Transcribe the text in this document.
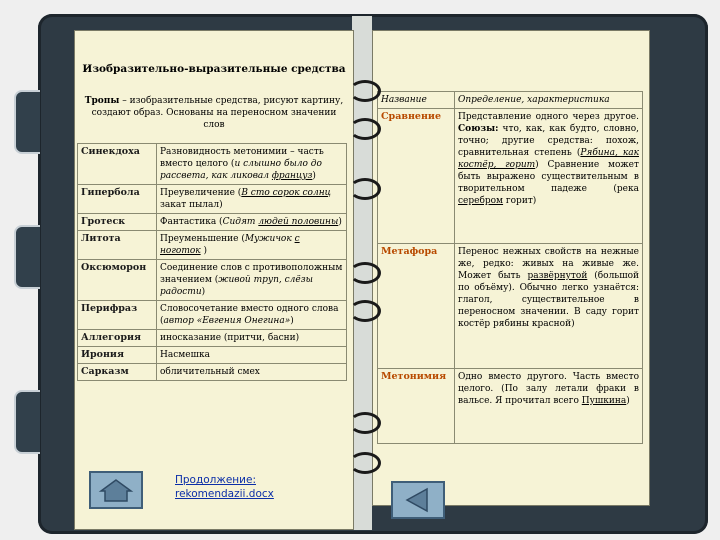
Изобразительно-выразительные средства
Тропы – изобразительные средства, рисуют картину, создают образ. Основаны на переносном значении слов
Синекдоха	Разновидность метонимии – часть вместо целого (и слышно было до рассвета, как ликовал француз)
Гипербола	Преувеличение (В сто сорок солнц закат пылал)
Гротеск	Фантастика (Сидят людей половины)
Литота	Преуменьшение (Мужичок с ноготок )
Оксюморон	Соединение слов с противоположным значением (живой труп, слёзы радости)
Перифраз	Словосочетание вместо одного слова (автор «Евгения Онегина»)
Аллегория	иносказание (притчи, басни)
Ирония	Насмешка
Сарказм	обличительный смех
Продолжение:
rekomendazii.docx
Название	Определение, характеристика
Сравнение	Представление одного через другое. Союзы: что, как, как будто, словно, точно; другие средства: похож, сравнительная степень (Рябина, как костёр, горит) Сравнение может быть выражено существительным в творительном падеже (река серебром горит)
Метафора	Перенос нежных свойств на нежные же, редко: живых на живые же. Может быть развёрнутой (большой по объёму). Обычно легко узнаётся: глагол, существительное в переносном значении. В саду горит костёр рябины красной)
Метонимия	Одно вместо другого. Часть вместо целого. (По залу летали фраки в вальсе. Я прочитал всего Пушкина)
